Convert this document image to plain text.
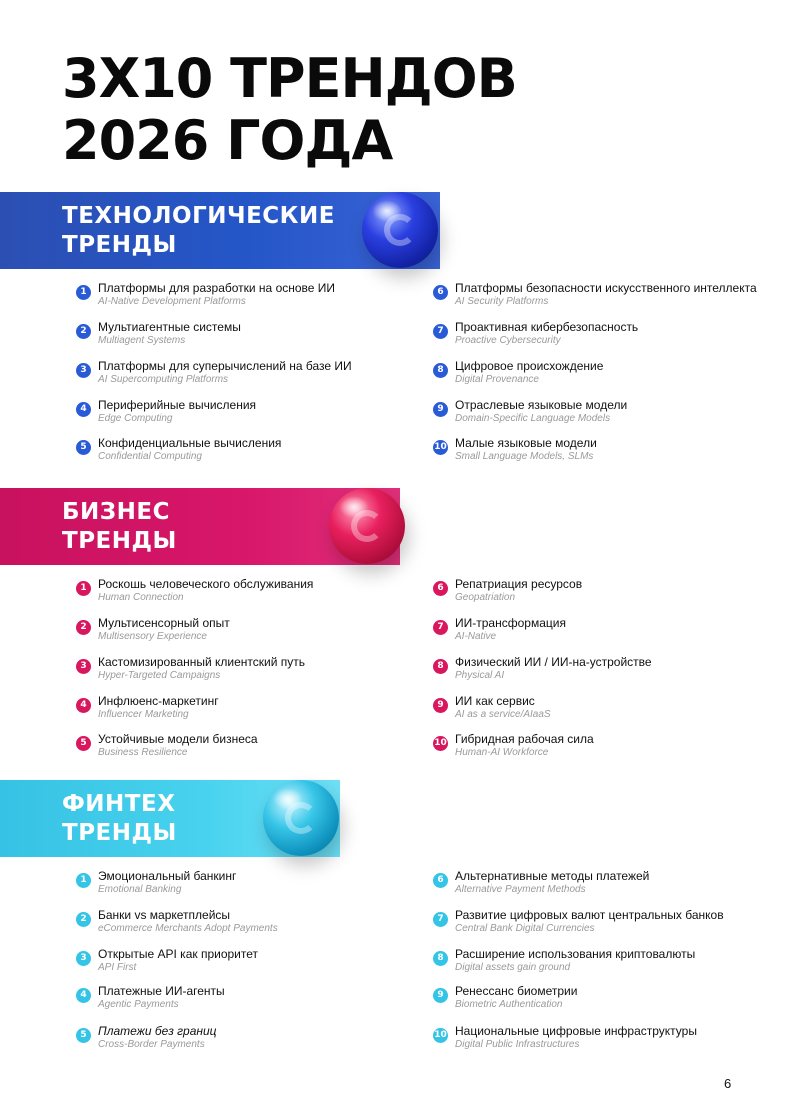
3X10 ТРЕНДОВ
2026 ГОДА
ТЕХНОЛОГИЧЕСКИЕ
ТРЕНДЫ
1 Платформы для разработки на основе ИИ
AI-Native Development Platforms
2 Мультиагентные системы
Multiagent Systems
3 Платформы для суперычислений на базе ИИ
AI Supercomputing Platforms
4 Периферийные вычисления
Edge Computing
5 Конфиденциальные вычисления
Confidential Computing
6 Платформы безопасности искусственного интеллекта
AI Security Platforms
7 Проактивная кибербезопасность
Proactive Cybersecurity
8 Цифровое происхождение
Digital Provenance
9 Отраслевые языковые модели
Domain-Specific Language Models
10 Малые языковые модели
Small Language Models, SLMs
БИЗНЕС
ТРЕНДЫ
1 Роскошь человеческого обслуживания
Human Connection
2 Мультисенсорный опыт
Multisensory Experience
3 Кастомизированный клиентский путь
Hyper-Targeted Campaigns
4 Инфлюенс-маркетинг
Influencer Marketing
5 Устойчивые модели бизнеса
Business Resilience
6 Репатриация ресурсов
Geopatriation
7 ИИ-трансформация
AI-Native
8 Физический ИИ / ИИ-на-устройстве
Physical AI
9 ИИ как сервис
AI as a service/AIaaS
10 Гибридная рабочая сила
Human-AI Workforce
ФИНТЕХ
ТРЕНДЫ
1 Эмоциональный банкинг
Emotional Banking
2 Банки vs маркетплейсы
eCommerce Merchants Adopt Payments
3 Открытые API как приоритет
API First
4 Платежные ИИ-агенты
Agentic Payments
5 Платежи без границ
Cross-Border Payments
6 Альтернативные методы платежей
Alternative Payment Methods
7 Развитие цифровых валют центральных банков
Central Bank Digital Currencies
8 Расширение использования криптовалюты
Digital assets gain ground
9 Ренессанс биометрии
Biometric Authentication
10 Национальные цифровые инфраструктуры
Digital Public Infrastructures
6
